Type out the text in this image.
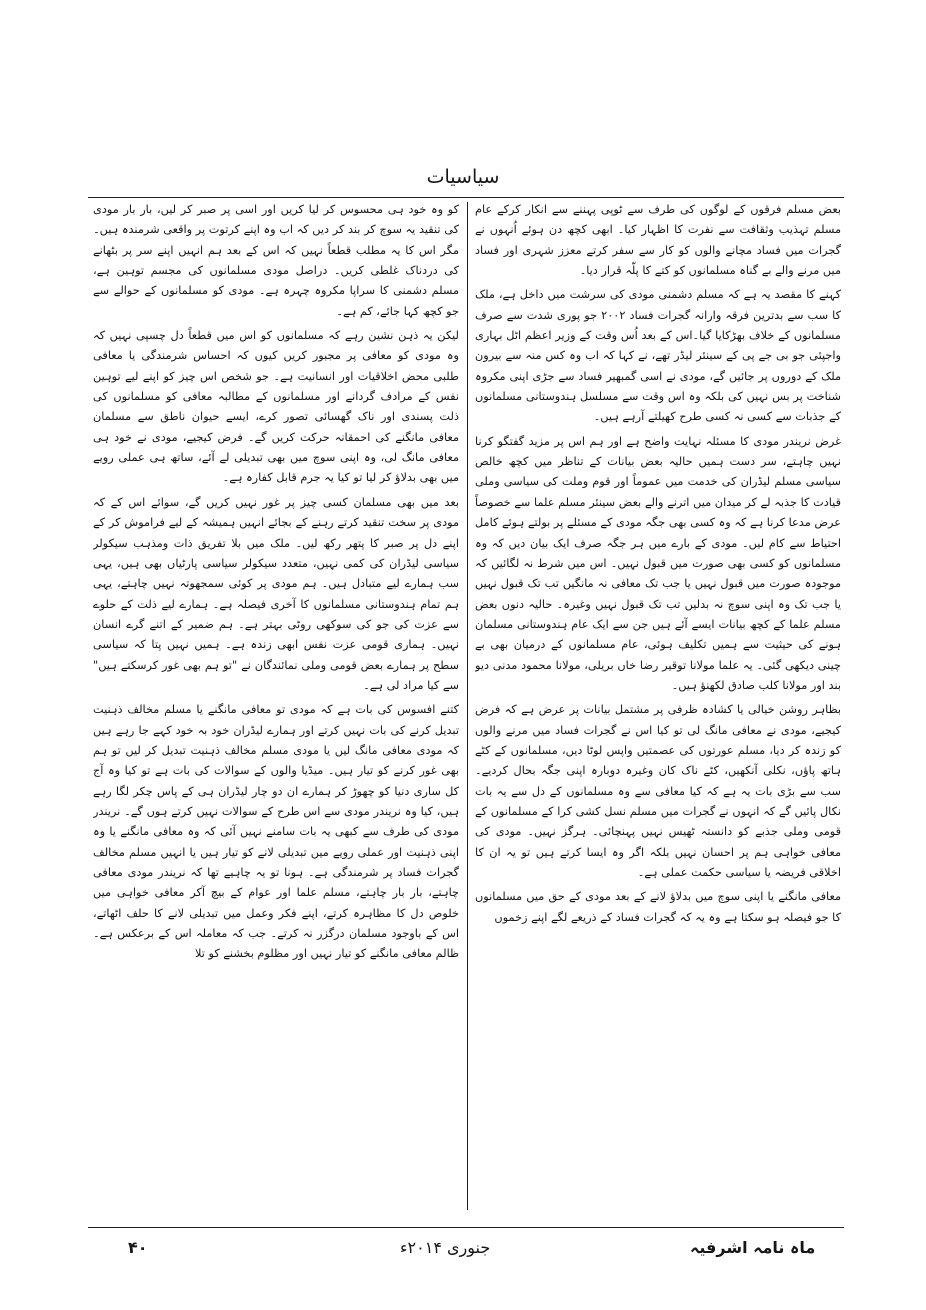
سیاسیات

بعض مسلم فرقوں کے لوگوں کی طرف سے ٹوپی پہننے سے انکار کرکے عام مسلم تہذیب وثقافت سے نفرت کا اظہار کیا۔ ابھی کچھ دن ہوئے اُنہوں نے گجرات میں فساد مچانے والوں کو کار سے سفر کرتے معزز شہری اور فساد میں مرنے والے بے گناہ مسلمانوں کو کتے کا پلّہ قرار دیا۔

کہنے کا مقصد یہ ہے کہ مسلم دشمنی مودی کی سرشت میں داخل ہے، ملک کا سب سے بدترین فرقہ وارانہ گجرات فساد ۲۰۰۲ جو پوری شدت سے صرف مسلمانوں کے خلاف بھڑکایا گیا۔اس کے بعد اُس وقت کے وزیر اعظم اٹل بہاری واجپئی جو بی جے پی کے سینئر لیڈر تھے، نے کہا کہ اب وہ کس منہ سے بیرون ملک کے دوروں پر جائیں گے، مودی نے اسی گمبھیر فساد سے جڑی اپنی مکروہ شناخت پر بس نہیں کی بلکہ وہ اس وقت سے مسلسل ہندوستانی مسلمانوں کے جذبات سے کسی نہ کسی طرح کھیلتے آرہے ہیں۔

غرض نریندر مودی کا مسئلہ نہایت واضح ہے اور ہم اس پر مزید گفتگو کرنا نہیں چاہتے، سر دست ہمیں حالیہ بعض بیانات کے تناظر میں کچھ خالص سیاسی مسلم لیڈران کی خدمت میں عموماً اور قوم وملت کی سیاسی وملی قیادت کا جذبہ لے کر میدان میں اترنے والے بعض سینئر مسلم علما سے خصوصاً عرض مدعا کرنا ہے کہ وہ کسی بھی جگہ مودی کے مسئلے پر بولتے ہوئے کامل احتیاط سے کام لیں۔ مودی کے بارے میں ہر جگہ صرف ایک بیان دیں کہ وہ مسلمانوں کو کسی بھی صورت میں قبول نہیں۔ اس میں شرط نہ لگائیں کہ موجودہ صورت میں قبول نہیں یا جب تک معافی نہ مانگیں تب تک قبول نہیں یا جب تک وہ اپنی سوچ نہ بدلیں تب تک قبول نہیں وغیرہ۔ حالیہ دنوں بعض مسلم علما کے کچھ بیانات ایسے آئے ہیں جن سے ایک عام ہندوستانی مسلمان ہونے کی حیثیت سے ہمیں تکلیف ہوئی، عام مسلمانوں کے درمیان بھی بے چینی دیکھی گئی۔ یہ علما مولانا توقیر رضا خاں بریلی، مولانا محمود مدنی دیو بند اور مولانا کلب صادق لکھنؤ ہیں۔

بظاہر روشن خیالی یا کشادہ ظرفی پر مشتمل بیانات پر عرض ہے کہ فرض کیجیے، مودی نے معافی مانگ لی تو کیا اس نے گجرات فساد میں مرنے والوں کو زندہ کر دیا، مسلم عورتوں کی عصمتیں واپس لوٹا دیں، مسلمانوں کے کٹے ہاتھ پاؤں، نکلی آنکھیں، کٹے ناک کان وغیرہ دوبارہ اپنی جگہ بحال کردیے۔ سب سے بڑی بات یہ ہے کہ کیا معافی سے وہ مسلمانوں کے دل سے یہ بات نکال پائیں گے کہ انہوں نے گجرات میں مسلم نسل کشی کرا کے مسلمانوں کے قومی وملی جذبے کو دانستہ ٹھیس نہیں پہنچائی۔ ہرگز نہیں۔ مودی کی معافی خواہی ہم پر احسان نہیں بلکہ اگر وہ ایسا کرتے ہیں تو یہ ان کا اخلاقی فریضہ یا سیاسی حکمت عملی ہے۔

معافی مانگنے یا اپنی سوچ میں بدلاؤ لانے کے بعد مودی کے حق میں مسلمانوں کا جو فیصلہ ہو سکتا ہے وہ یہ کہ گجرات فساد کے ذریعے لگے اپنے زخموں

کو وہ خود ہی محسوس کر لیا کریں اور اسی پر صبر کر لیں، بار بار مودی کی تنقید یہ سوچ کر بند کر دیں کہ اب وہ اپنے کرتوت پر واقعی شرمندہ ہیں۔ مگر اس کا یہ مطلب قطعاً نہیں کہ اس کے بعد ہم انہیں اپنے سر پر بٹھانے کی دردناک غلطی کریں۔ دراصل مودی مسلمانوں کی مجسم توہین ہے، مسلم دشمنی کا سراپا مکروہ چہرہ ہے۔ مودی کو مسلمانوں کے حوالے سے جو کچھ کہا جائے، کم ہے۔

لیکن یہ ذہن نشین رہے کہ مسلمانوں کو اس میں قطعاً دل چسپی نہیں کہ وہ مودی کو معافی پر مجبور کریں کیوں کہ احساس شرمندگی یا معافی طلبی محض اخلاقیات اور انسانیت ہے۔ جو شخص اس چیز کو اپنے لیے توہین نفس کے مرادف گردانے اور مسلمانوں کے مطالبہ معافی کو مسلمانوں کی ذلت پسندی اور ناک گھسائی تصور کرے، ایسے حیوان ناطق سے مسلمان معافی مانگنے کی احمقانہ حرکت کریں گے۔ فرض کیجیے، مودی نے خود ہی معافی مانگ لی، وہ اپنی سوچ میں بھی تبدیلی لے آئے، ساتھ ہی عملی رویے میں بھی بدلاؤ کر لیا تو کیا یہ جرم قابل کفارہ ہے۔

بعد میں بھی مسلمان کسی چیز پر غور نہیں کریں گے، سوائے اس کے کہ مودی پر سخت تنقید کرتے رہنے کے بجائے انہیں ہمیشہ کے لیے فراموش کر کے اپنے دل پر صبر کا پتھر رکھ لیں۔ ملک میں بلا تفریق ذات ومذہب سیکولر سیاسی لیڈران کی کمی نہیں، متعدد سیکولر سیاسی پارٹیاں بھی ہیں، یہی سب ہمارے لیے متبادل ہیں۔ ہم مودی پر کوئی سمجھوتہ نہیں چاہتے، یہی ہم تمام ہندوستانی مسلمانوں کا آخری فیصلہ ہے۔ ہمارے لیے ذلت کے حلوے سے عزت کی جو کی سوکھی روٹی بہتر ہے۔ ہم ضمیر کے اتنے گرے انسان نہیں۔ ہماری قومی عزت نفس ابھی زندہ ہے۔ ہمیں نہیں پتا کہ سیاسی سطح پر ہمارے بعض قومی وملی نمائندگان نے "تو ہم بھی غور کرسکتے ہیں" سے کیا مراد لی ہے۔

کتنے افسوس کی بات ہے کہ مودی تو معافی مانگنے یا مسلم مخالف ذہنیت تبدیل کرنے کی بات نہیں کرتے اور ہمارے لیڈران خود بہ خود کہے جا رہے ہیں کہ مودی معافی مانگ لیں یا مودی مسلم مخالف ذہنیت تبدیل کر لیں تو ہم بھی غور کرنے کو تیار ہیں۔ میڈیا والوں کے سوالات کی بات ہے تو کیا وہ آج کل ساری دنیا کو چھوڑ کر ہمارے ان دو چار لیڈران ہی کے پاس چکر لگا رہے ہیں، کیا وہ نریندر مودی سے اس طرح کے سوالات نہیں کرتے ہوں گے۔ نریندر مودی کی طرف سے کبھی یہ بات سامنے نہیں آئی کہ وہ معافی مانگنے یا وہ اپنی ذہنیت اور عملی رویے میں تبدیلی لانے کو تیار ہیں یا انہیں مسلم مخالف گجرات فساد پر شرمندگی ہے۔ ہونا تو یہ چاہیے تھا کہ نریندر مودی معافی چاہتے، بار بار چاہتے، مسلم علما اور عوام کے بیچ آکر معافی خواہی میں خلوص دل کا مظاہرہ کرتے، اپنے فکر وعمل میں تبدیلی لانے کا حلف اٹھاتے، اس کے باوجود مسلمان درگزر نہ کرتے۔ جب کہ معاملہ اس کے برعکس ہے۔ ظالم معافی مانگنے کو تیار نہیں اور مظلوم بخشنے کو تلا

ماہ نامہ اشرفیہ
جنوری ۲۰۱۴ء
۴۰
